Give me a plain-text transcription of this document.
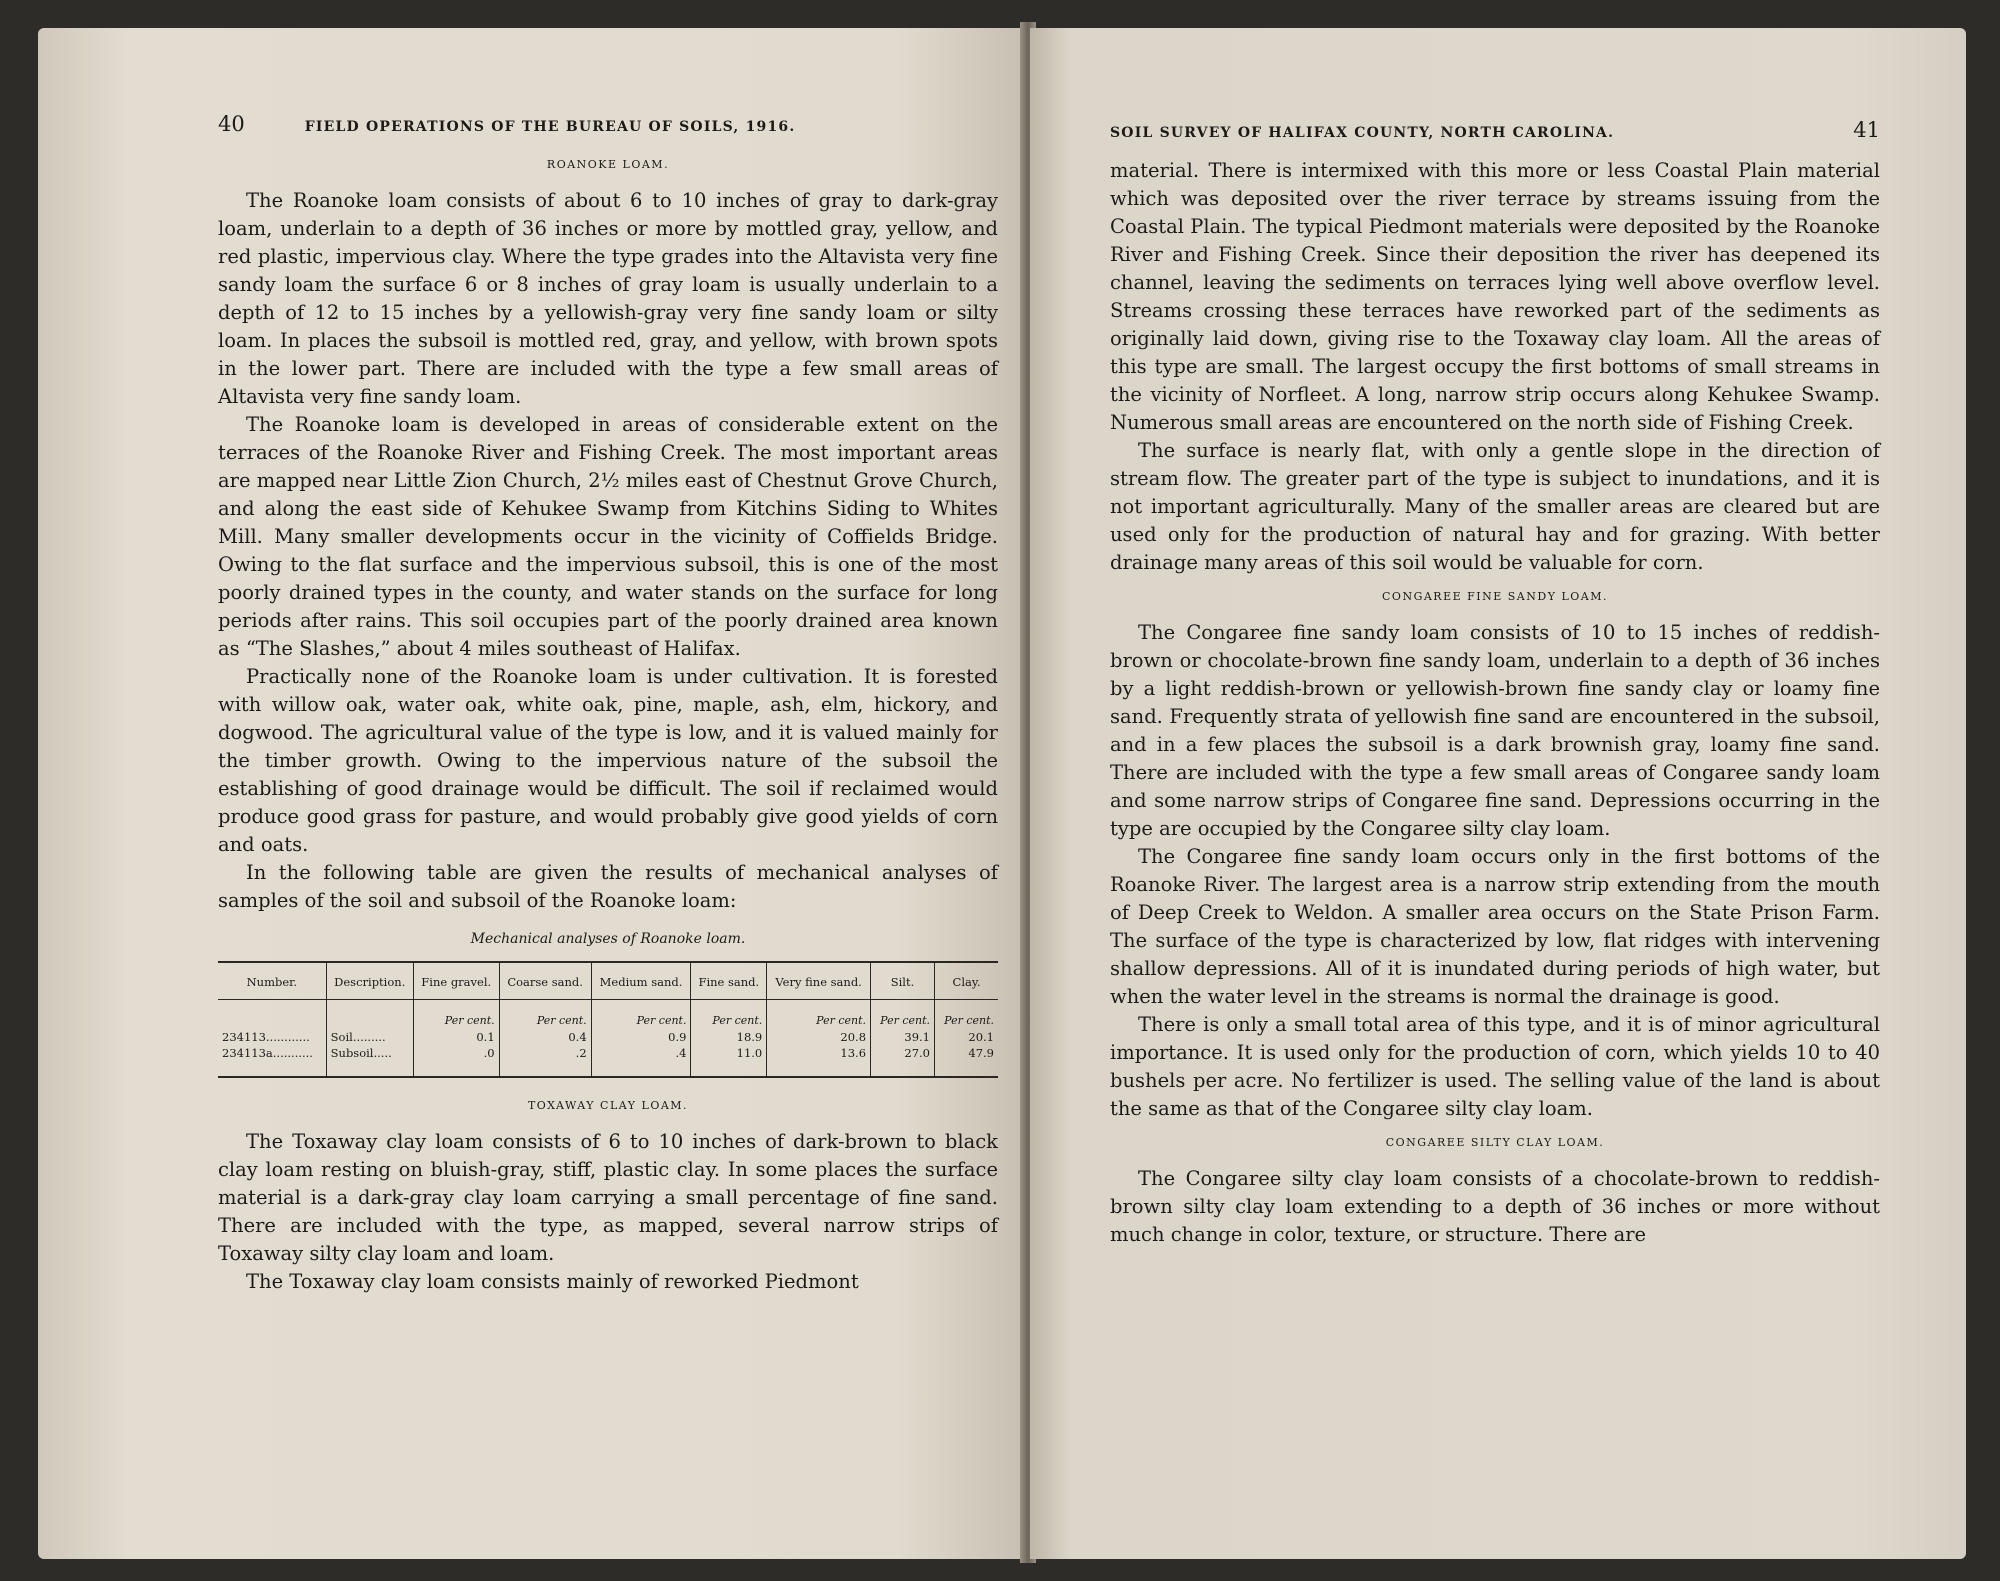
40	FIELD OPERATIONS OF THE BUREAU OF SOILS, 1916.
ROANOKE LOAM.

The Roanoke loam consists of about 6 to 10 inches of gray to dark-gray loam, underlain to a depth of 36 inches or more by mottled gray, yellow, and red plastic, impervious clay. Where the type grades into the Altavista very fine sandy loam the surface 6 or 8 inches of gray loam is usually underlain to a depth of 12 to 15 inches by a yellowish-gray very fine sandy loam or silty loam. In places the subsoil is mottled red, gray, and yellow, with brown spots in the lower part. There are included with the type a few small areas of Altavista very fine sandy loam.

The Roanoke loam is developed in areas of considerable extent on the terraces of the Roanoke River and Fishing Creek. The most important areas are mapped near Little Zion Church, 2½ miles east of Chestnut Grove Church, and along the east side of Kehukee Swamp from Kitchins Siding to Whites Mill. Many smaller developments occur in the vicinity of Coffields Bridge. Owing to the flat surface and the impervious subsoil, this is one of the most poorly drained types in the county, and water stands on the surface for long periods after rains. This soil occupies part of the poorly drained area known as “The Slashes,” about 4 miles southeast of Halifax.

Practically none of the Roanoke loam is under cultivation. It is forested with willow oak, water oak, white oak, pine, maple, ash, elm, hickory, and dogwood. The agricultural value of the type is low, and it is valued mainly for the timber growth. Owing to the impervious nature of the subsoil the establishing of good drainage would be difficult. The soil if reclaimed would produce good grass for pasture, and would probably give good yields of corn and oats.

In the following table are given the results of mechanical analyses of samples of the soil and subsoil of the Roanoke loam:

Mechanical analyses of Roanoke loam.
Number.	Description.	Fine gravel.	Coarse sand.	Medium sand.	Fine sand.	Very fine sand.	Silt.	Clay.
		Per cent.	Per cent.	Per cent.	Per cent.	Per cent.	Per cent.	Per cent.
234113............	Soil.........	0.1	0.4	0.9	18.9	20.8	39.1	20.1
234113a...........	Subsoil.....	.0	.2	.4	11.0	13.6	27.0	47.9
TOXAWAY CLAY LOAM.

The Toxaway clay loam consists of 6 to 10 inches of dark-brown to black clay loam resting on bluish-gray, stiff, plastic clay. In some places the surface material is a dark-gray clay loam carrying a small percentage of fine sand. There are included with the type, as mapped, several narrow strips of Toxaway silty clay loam and loam.

The Toxaway clay loam consists mainly of reworked Piedmont

SOIL SURVEY OF HALIFAX COUNTY, NORTH CAROLINA.	41

material. There is intermixed with this more or less Coastal Plain material which was deposited over the river terrace by streams issuing from the Coastal Plain. The typical Piedmont materials were deposited by the Roanoke River and Fishing Creek. Since their deposition the river has deepened its channel, leaving the sediments on terraces lying well above overflow level. Streams crossing these terraces have reworked part of the sediments as originally laid down, giving rise to the Toxaway clay loam. All the areas of this type are small. The largest occupy the first bottoms of small streams in the vicinity of Norfleet. A long, narrow strip occurs along Kehukee Swamp. Numerous small areas are encountered on the north side of Fishing Creek.

The surface is nearly flat, with only a gentle slope in the direction of stream flow. The greater part of the type is subject to inundations, and it is not important agriculturally. Many of the smaller areas are cleared but are used only for the production of natural hay and for grazing. With better drainage many areas of this soil would be valuable for corn.

CONGAREE FINE SANDY LOAM.

The Congaree fine sandy loam consists of 10 to 15 inches of reddish-brown or chocolate-brown fine sandy loam, underlain to a depth of 36 inches by a light reddish-brown or yellowish-brown fine sandy clay or loamy fine sand. Frequently strata of yellowish fine sand are encountered in the subsoil, and in a few places the subsoil is a dark brownish gray, loamy fine sand. There are included with the type a few small areas of Congaree sandy loam and some narrow strips of Congaree fine sand. Depressions occurring in the type are occupied by the Congaree silty clay loam.

The Congaree fine sandy loam occurs only in the first bottoms of the Roanoke River. The largest area is a narrow strip extending from the mouth of Deep Creek to Weldon. A smaller area occurs on the State Prison Farm. The surface of the type is characterized by low, flat ridges with intervening shallow depressions. All of it is inundated during periods of high water, but when the water level in the streams is normal the drainage is good.

There is only a small total area of this type, and it is of minor agricultural importance. It is used only for the production of corn, which yields 10 to 40 bushels per acre. No fertilizer is used. The selling value of the land is about the same as that of the Congaree silty clay loam.

CONGAREE SILTY CLAY LOAM.

The Congaree silty clay loam consists of a chocolate-brown to reddish-brown silty clay loam extending to a depth of 36 inches or more without much change in color, texture, or structure. There are
